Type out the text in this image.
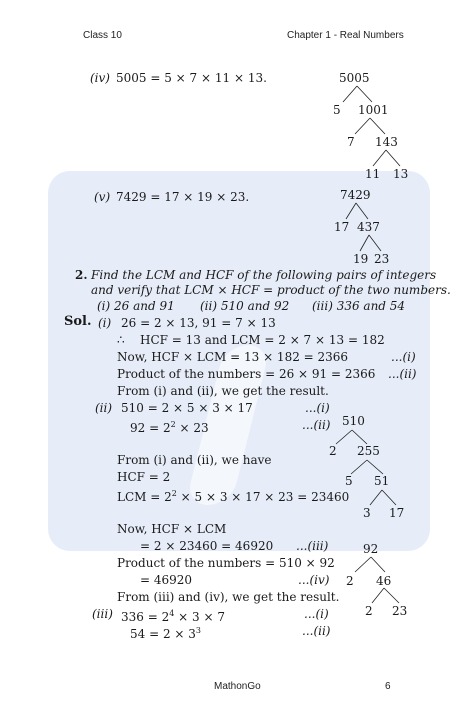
Class 10	Chapter 1 - Real Numbers
(iv) 5005 = 5 × 7 × 11 × 13.
(v) 7429 = 17 × 19 × 23.
2. Find the LCM and HCF of the following pairs of integers
and verify that LCM × HCF = product of the two numbers.
(i) 26 and 91 (ii) 510 and 92 (iii) 336 and 54
Sol. (i) 26 = 2 × 13, 91 = 7 × 13
∴ HCF = 13 and LCM = 2 × 7 × 13 = 182
Now, HCF × LCM = 13 × 182 = 2366	...(i)
Product of the numbers = 26 × 91 = 2366 ...(ii)
From (i) and (ii), we get the result.
(ii) 510 = 2 × 5 × 3 × 17	...(i)
$92 = 2^2 \times 23$	...(ii)
From (i) and (ii), we have
HCF = 2
LCM = $2^2 \times 5 \times 3 \times 17 \times 23 = 23460$
Now, HCF × LCM
= 2 × 23460 = 46920 ...(iii)
Product of the numbers = 510 × 92
= 46920	...(iv)
From (iii) and (iv), we get the result.
(iii) $336 = 2^4 \times 3 \times 7$	...(i)
$54 = 2 \times 3^3$	...(ii)
5005
5 1001
7 143
11 13
7429
17 437
19 23
510
2 255
5 51
3 17
92
2 46
2 23
MathonGo	6
